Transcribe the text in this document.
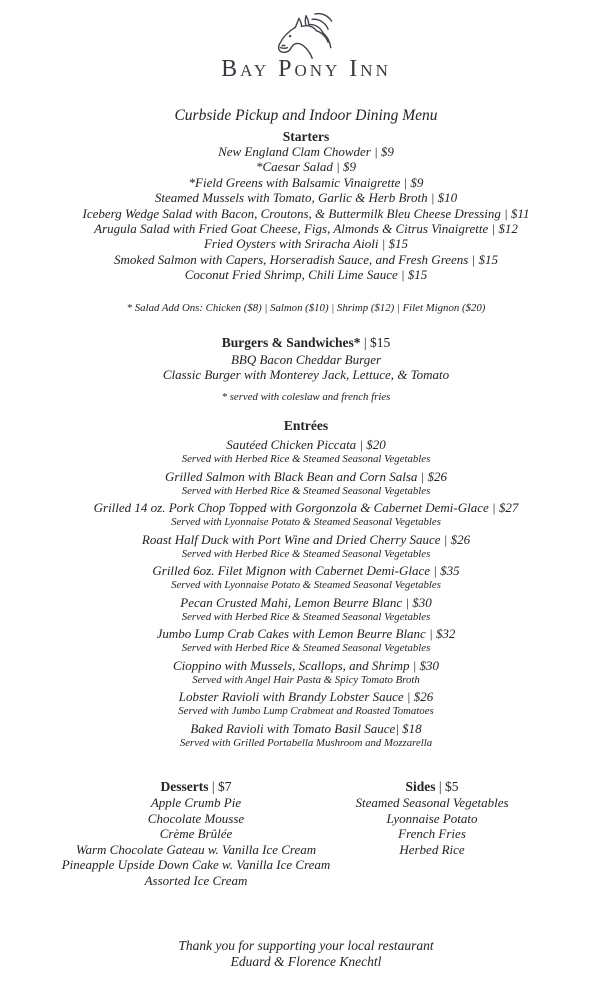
Bay Pony Inn
Curbside Pickup and Indoor Dining Menu
Starters
New England Clam Chowder | $9
*Caesar Salad | $9
*Field Greens with Balsamic Vinaigrette | $9
Steamed Mussels with Tomato, Garlic & Herb Broth | $10
Iceberg Wedge Salad with Bacon, Croutons, & Buttermilk Bleu Cheese Dressing | $11
Arugula Salad with Fried Goat Cheese, Figs, Almonds & Citrus Vinaigrette | $12
Fried Oysters with Sriracha Aioli | $15
Smoked Salmon with Capers, Horseradish Sauce, and Fresh Greens | $15
Coconut Fried Shrimp, Chili Lime Sauce | $15
* Salad Add Ons: Chicken ($8) | Salmon ($10) | Shrimp ($12) | Filet Mignon ($20)
Burgers & Sandwiches* | $15
BBQ Bacon Cheddar Burger
Classic Burger with Monterey Jack, Lettuce, & Tomato
* served with coleslaw and french fries
Entrées
Sautéed Chicken Piccata | $20
Served with Herbed Rice & Steamed Seasonal Vegetables
Grilled Salmon with Black Bean and Corn Salsa | $26
Served with Herbed Rice & Steamed Seasonal Vegetables
Grilled 14 oz. Pork Chop Topped with Gorgonzola & Cabernet Demi-Glace | $27
Served with Lyonnaise Potato & Steamed Seasonal Vegetables
Roast Half Duck with Port Wine and Dried Cherry Sauce | $26
Served with Herbed Rice & Steamed Seasonal Vegetables
Grilled 6oz. Filet Mignon with Cabernet Demi-Glace | $35
Served with Lyonnaise Potato & Steamed Seasonal Vegetables
Pecan Crusted Mahi, Lemon Beurre Blanc | $30
Served with Herbed Rice & Steamed Seasonal Vegetables
Jumbo Lump Crab Cakes with Lemon Beurre Blanc | $32
Served with Herbed Rice & Steamed Seasonal Vegetables
Cioppino with Mussels, Scallops, and Shrimp | $30
Served with Angel Hair Pasta & Spicy Tomato Broth
Lobster Ravioli with Brandy Lobster Sauce | $26
Served with Jumbo Lump Crabmeat and Roasted Tomatoes
Baked Ravioli with Tomato Basil Sauce| $18
Served with Grilled Portabella Mushroom and Mozzarella
Desserts | $7
Apple Crumb Pie
Chocolate Mousse
Crème Brûlée
Warm Chocolate Gateau w. Vanilla Ice Cream
Pineapple Upside Down Cake w. Vanilla Ice Cream
Assorted Ice Cream
Sides | $5
Steamed Seasonal Vegetables
Lyonnaise Potato
French Fries
Herbed Rice
Thank you for supporting your local restaurant
Eduard & Florence Knechtl
